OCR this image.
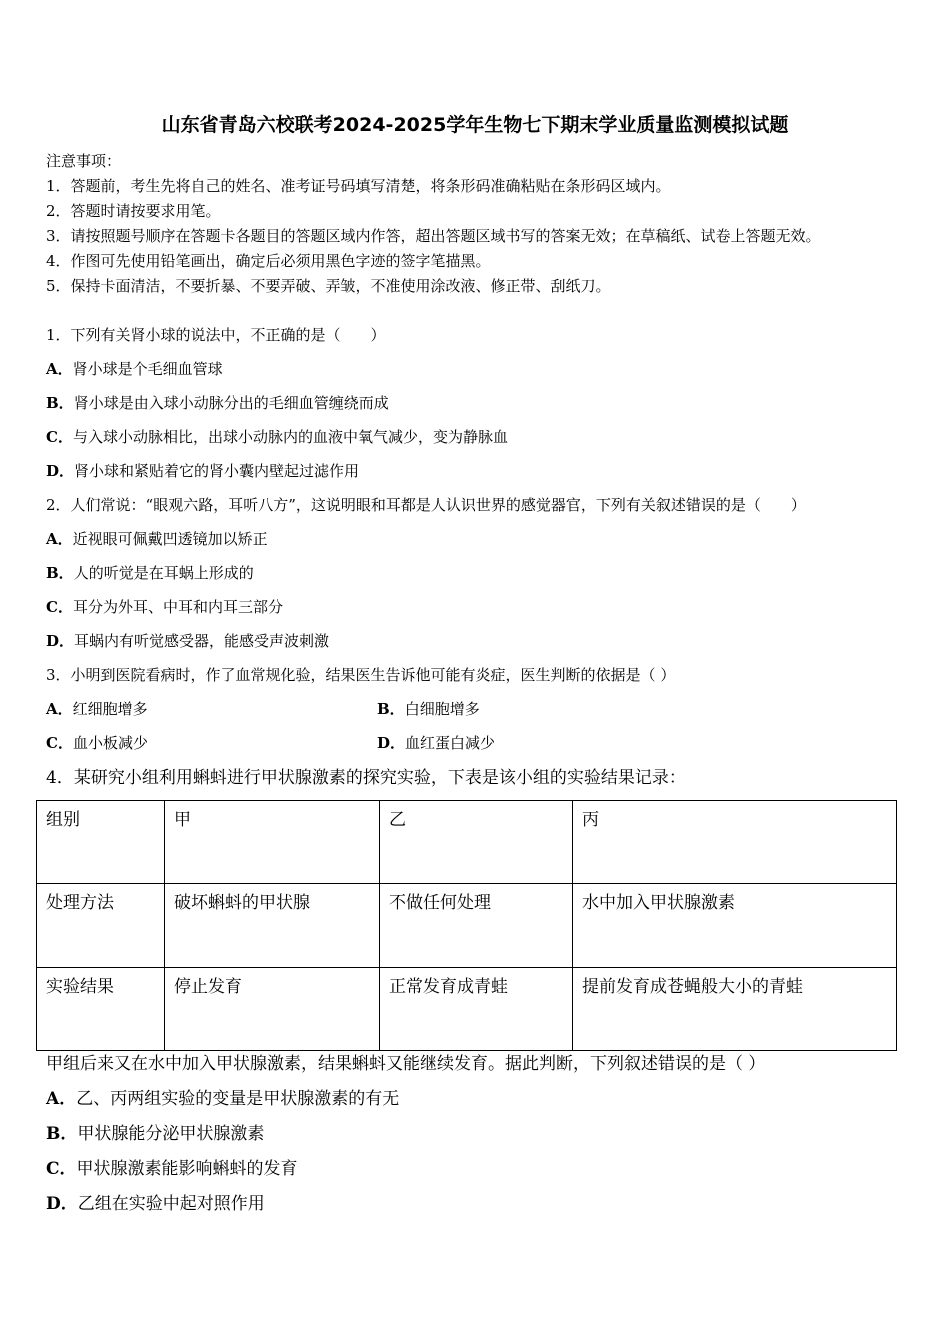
山东省青岛六校联考2024-2025学年生物七下期末学业质量监测模拟试题
注意事项：
1．答题前，考生先将自己的姓名、准考证号码填写清楚，将条形码准确粘贴在条形码区域内。
2．答题时请按要求用笔。
3．请按照题号顺序在答题卡各题目的答题区域内作答，超出答题区域书写的答案无效；在草稿纸、试卷上答题无效。
4．作图可先使用铅笔画出，确定后必须用黑色字迹的签字笔描黑。
5．保持卡面清洁，不要折暴、不要弄破、弄皱，不准使用涂改液、修正带、刮纸刀。
1．下列有关肾小球的说法中，不正确的是（　　）
A．肾小球是个毛细血管球
B．肾小球是由入球小动脉分出的毛细血管缠绕而成
C．与入球小动脉相比，出球小动脉内的血液中氧气减少，变为静脉血
D．肾小球和紧贴着它的肾小囊内壁起过滤作用
2．人们常说：“眼观六路，耳听八方”，这说明眼和耳都是人认识世界的感觉器官，下列有关叙述错误的是（　　）
A．近视眼可佩戴凹透镜加以矫正
B．人的听觉是在耳蜗上形成的
C．耳分为外耳、中耳和内耳三部分
D．耳蜗内有听觉感受器，能感受声波刺激
3．小明到医院看病时，作了血常规化验，结果医生告诉他可能有炎症，医生判断的依据是（ ）
A．红细胞增多	B．白细胞增多
C．血小板减少	D．血红蛋白减少
4．某研究小组利用蝌蚪进行甲状腺激素的探究实验，下表是该小组的实验结果记录：
组别	甲	乙	丙
处理方法	破坏蝌蚪的甲状腺	不做任何处理	水中加入甲状腺激素
实验结果	停止发育	正常发育成青蛙	提前发育成苍蝇般大小的青蛙
甲组后来又在水中加入甲状腺激素，结果蝌蚪又能继续发育。据此判断，下列叙述错误的是（ ）
A．乙、丙两组实验的变量是甲状腺激素的有无
B．甲状腺能分泌甲状腺激素
C．甲状腺激素能影响蝌蚪的发育
D．乙组在实验中起对照作用
